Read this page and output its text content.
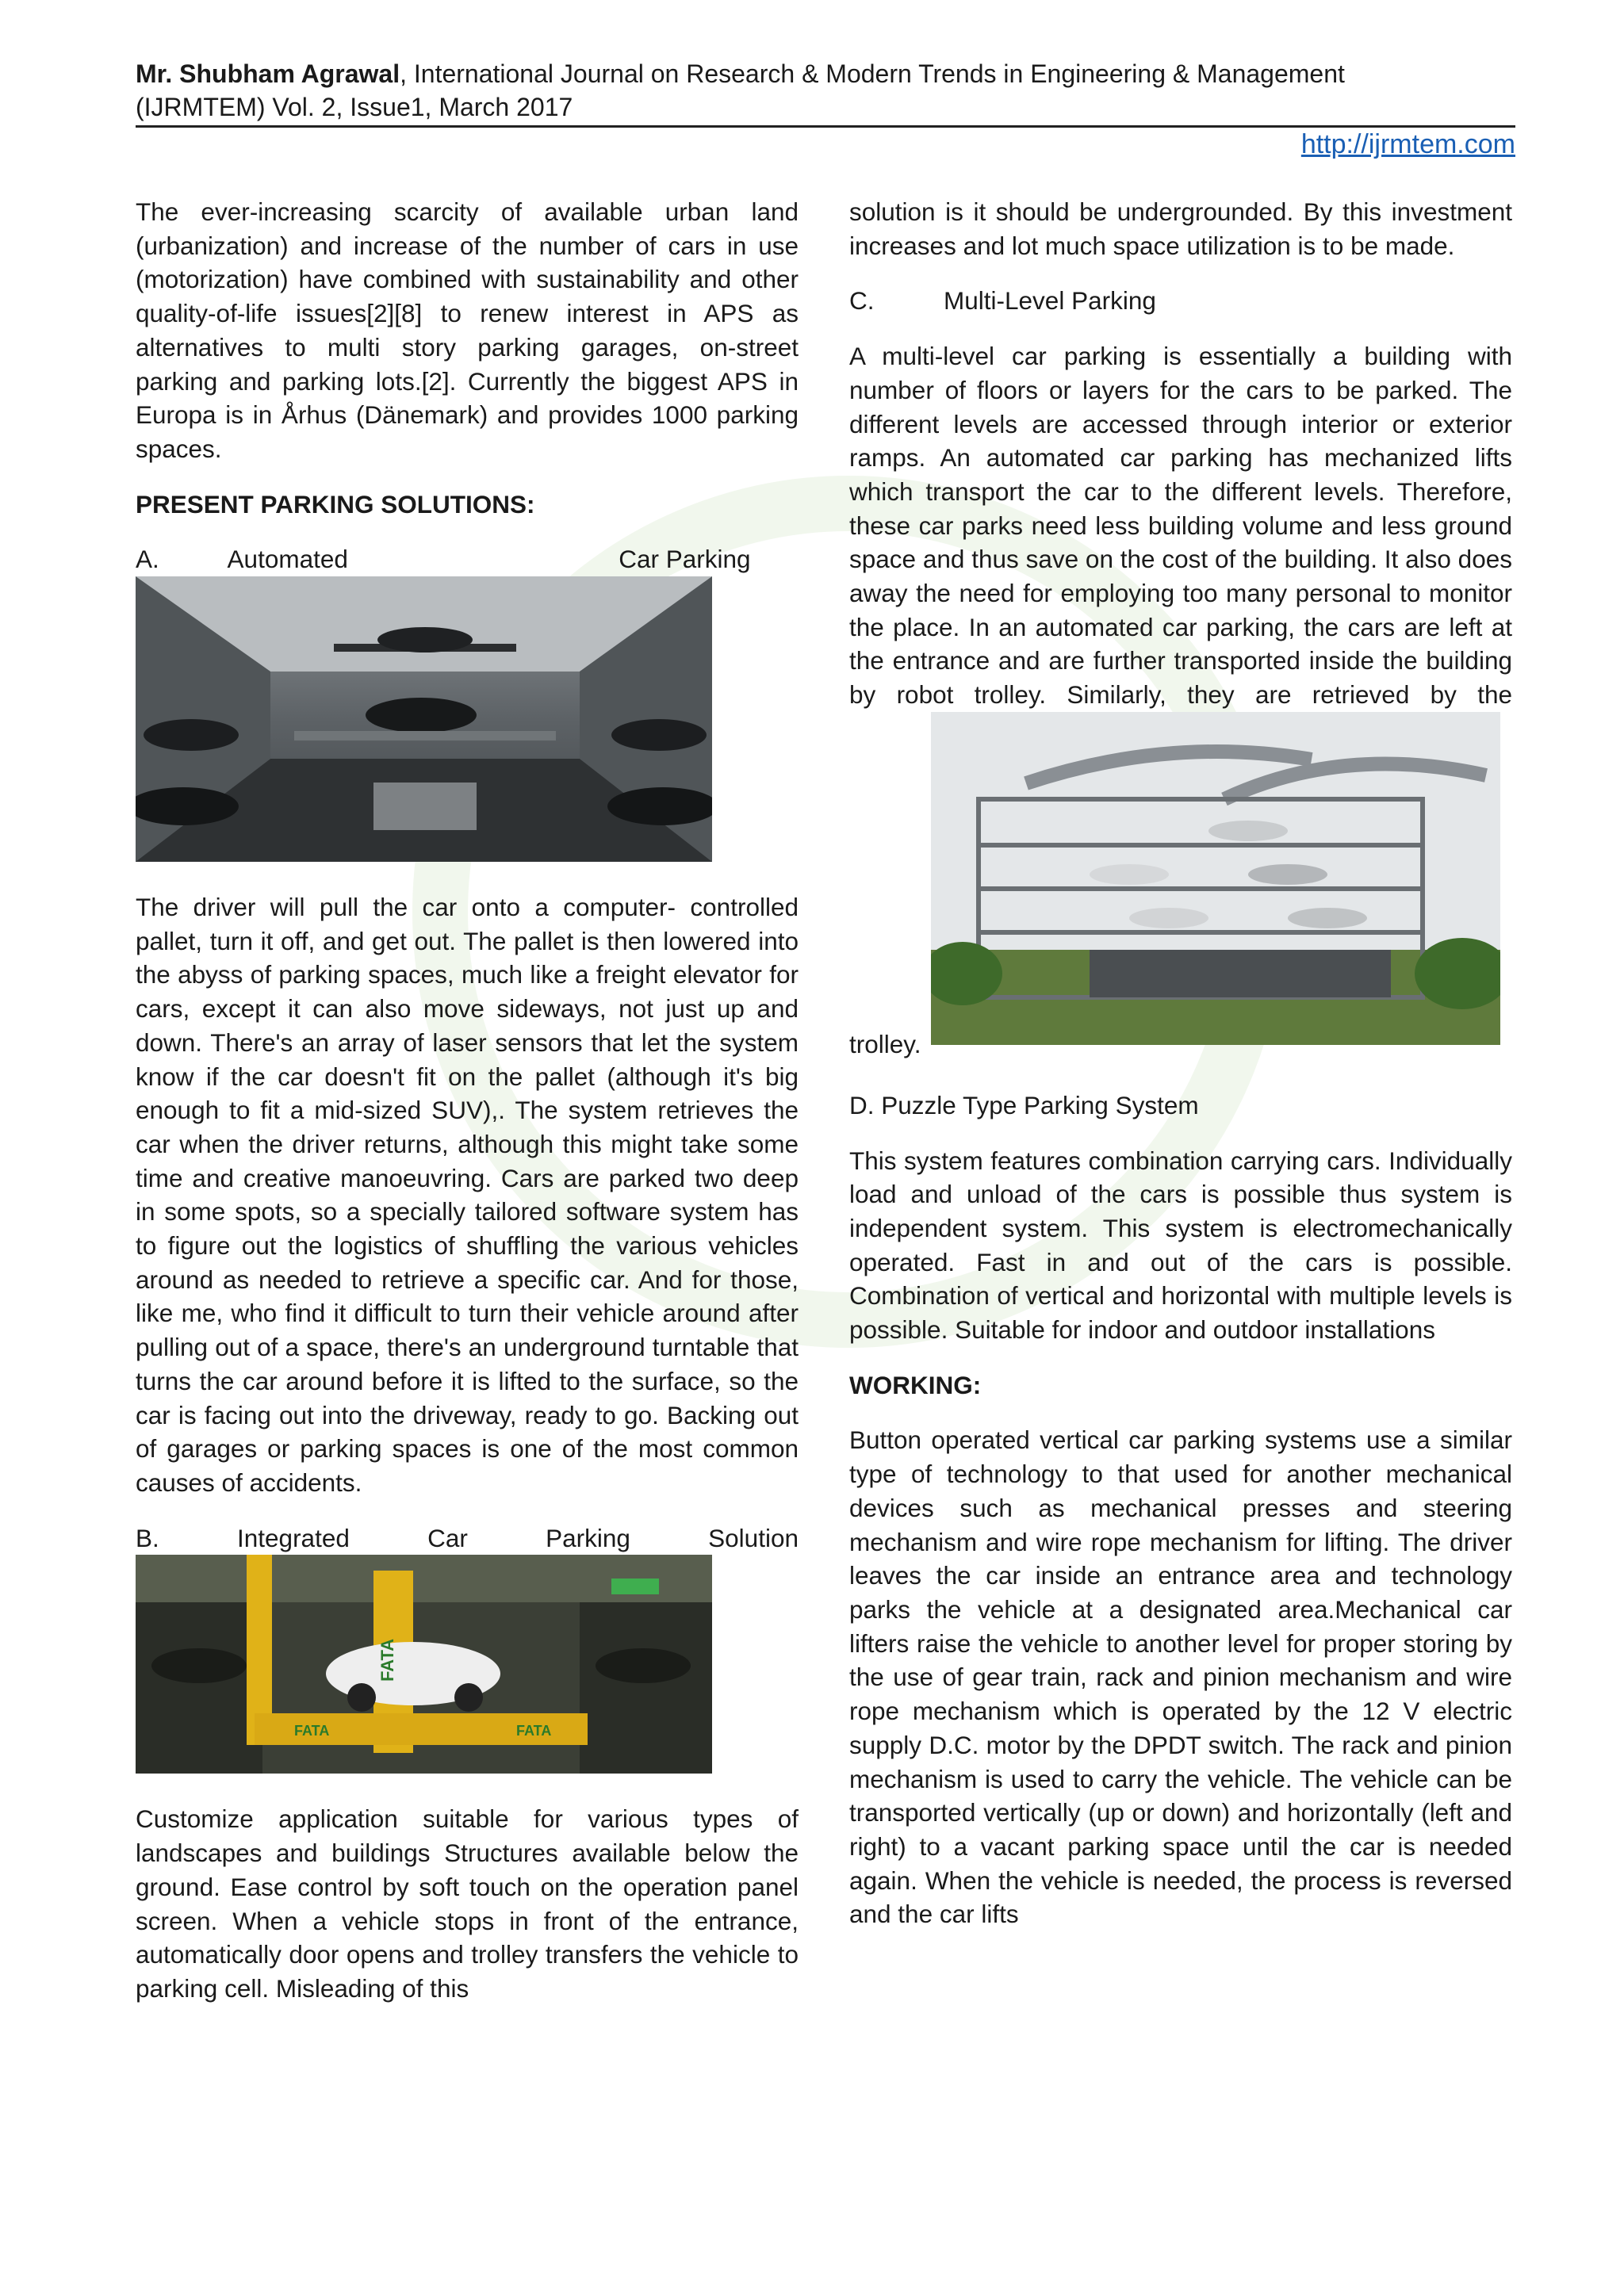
Mr. Shubham Agrawal, International Journal on Research & Modern Trends in Engineering & Management
(IJRMTEM) Vol. 2, Issue1, March 2017
http://ijrmtem.com

The ever-increasing scarcity of available urban land (urbanization) and increase of the number of cars in use (motorization) have combined with sustainability and other quality-of-life issues[2][8] to renew interest in APS as alternatives to multi story parking garages, on-street parking and parking lots.[2]. Currently the biggest APS in Europa is in Århus (Dänemark) and provides 1000 parking spaces.

PRESENT PARKING SOLUTIONS:

A.          Automated                                       Car Parking

The driver will pull the car onto a computer- controlled pallet, turn it off, and get out. The pallet is then lowered into the abyss of parking spaces, much like a freight elevator for cars, except it can also move sideways, not just up and down. There's an array of laser sensors that let the system know if the car doesn't fit on the pallet (although it's big enough to fit a mid-sized SUV),. The system retrieves the car when the driver returns, although this might take some time and creative manoeuvring. Cars are parked two deep in some spots, so a specially tailored software system has to figure out the logistics of shuffling the various vehicles around as needed to retrieve a specific car. And for those, like me, who find it difficult to turn their vehicle around after pulling out of a space, there's an underground turntable that turns the car around before it is lifted to the surface, so the car is facing out into the driveway, ready to go. Backing out of garages or parking spaces is one of the most common causes of accidents.

B. Integrated Car Parking Solution

FATA
FATA	FATA

Customize application suitable for various types of landscapes and buildings Structures available below the ground. Ease control by soft touch on the operation panel screen. When a vehicle stops in front of the entrance, automatically door opens and trolley transfers the vehicle to parking cell. Misleading of this

solution is it should be undergrounded. By this investment increases and lot much space utilization is to be made.

C.          Multi-Level Parking

A multi-level car parking is essentially a building with number of floors or layers for the cars to be parked. The different levels are accessed through interior or exterior ramps. An automated car parking has mechanized lifts which transport the car to the different levels. Therefore, these car parks need less building volume and less ground space and thus save on the cost of the building. It also does away the need for employing too many personal to monitor the place. In an automated car parking, the cars are left at the entrance and are further transported inside the building by robot trolley. Similarly, they are retrieved by the

trolley.

D. Puzzle Type Parking System

This system features combination carrying cars. Individually load and unload of the cars is possible thus system is independent system. This system is electromechanically operated. Fast in and out of the cars is possible. Combination of vertical and horizontal with multiple levels is possible. Suitable for indoor and outdoor installations

WORKING:

Button operated vertical car parking systems use a similar type of technology to that used for another mechanical devices such as mechanical presses and steering mechanism and wire rope mechanism for lifting. The driver leaves the car inside an entrance area and technology parks the vehicle at a designated area.Mechanical car lifters raise the vehicle to another level for proper storing by the use of gear train, rack and pinion mechanism and wire rope mechanism which is operated by the 12 V electric supply D.C. motor by the DPDT switch. The rack and pinion mechanism is used to carry the vehicle. The vehicle can be transported vertically (up or down) and horizontally (left and right) to a vacant parking space until the car is needed again. When the vehicle is needed, the process is reversed and the car lifts
